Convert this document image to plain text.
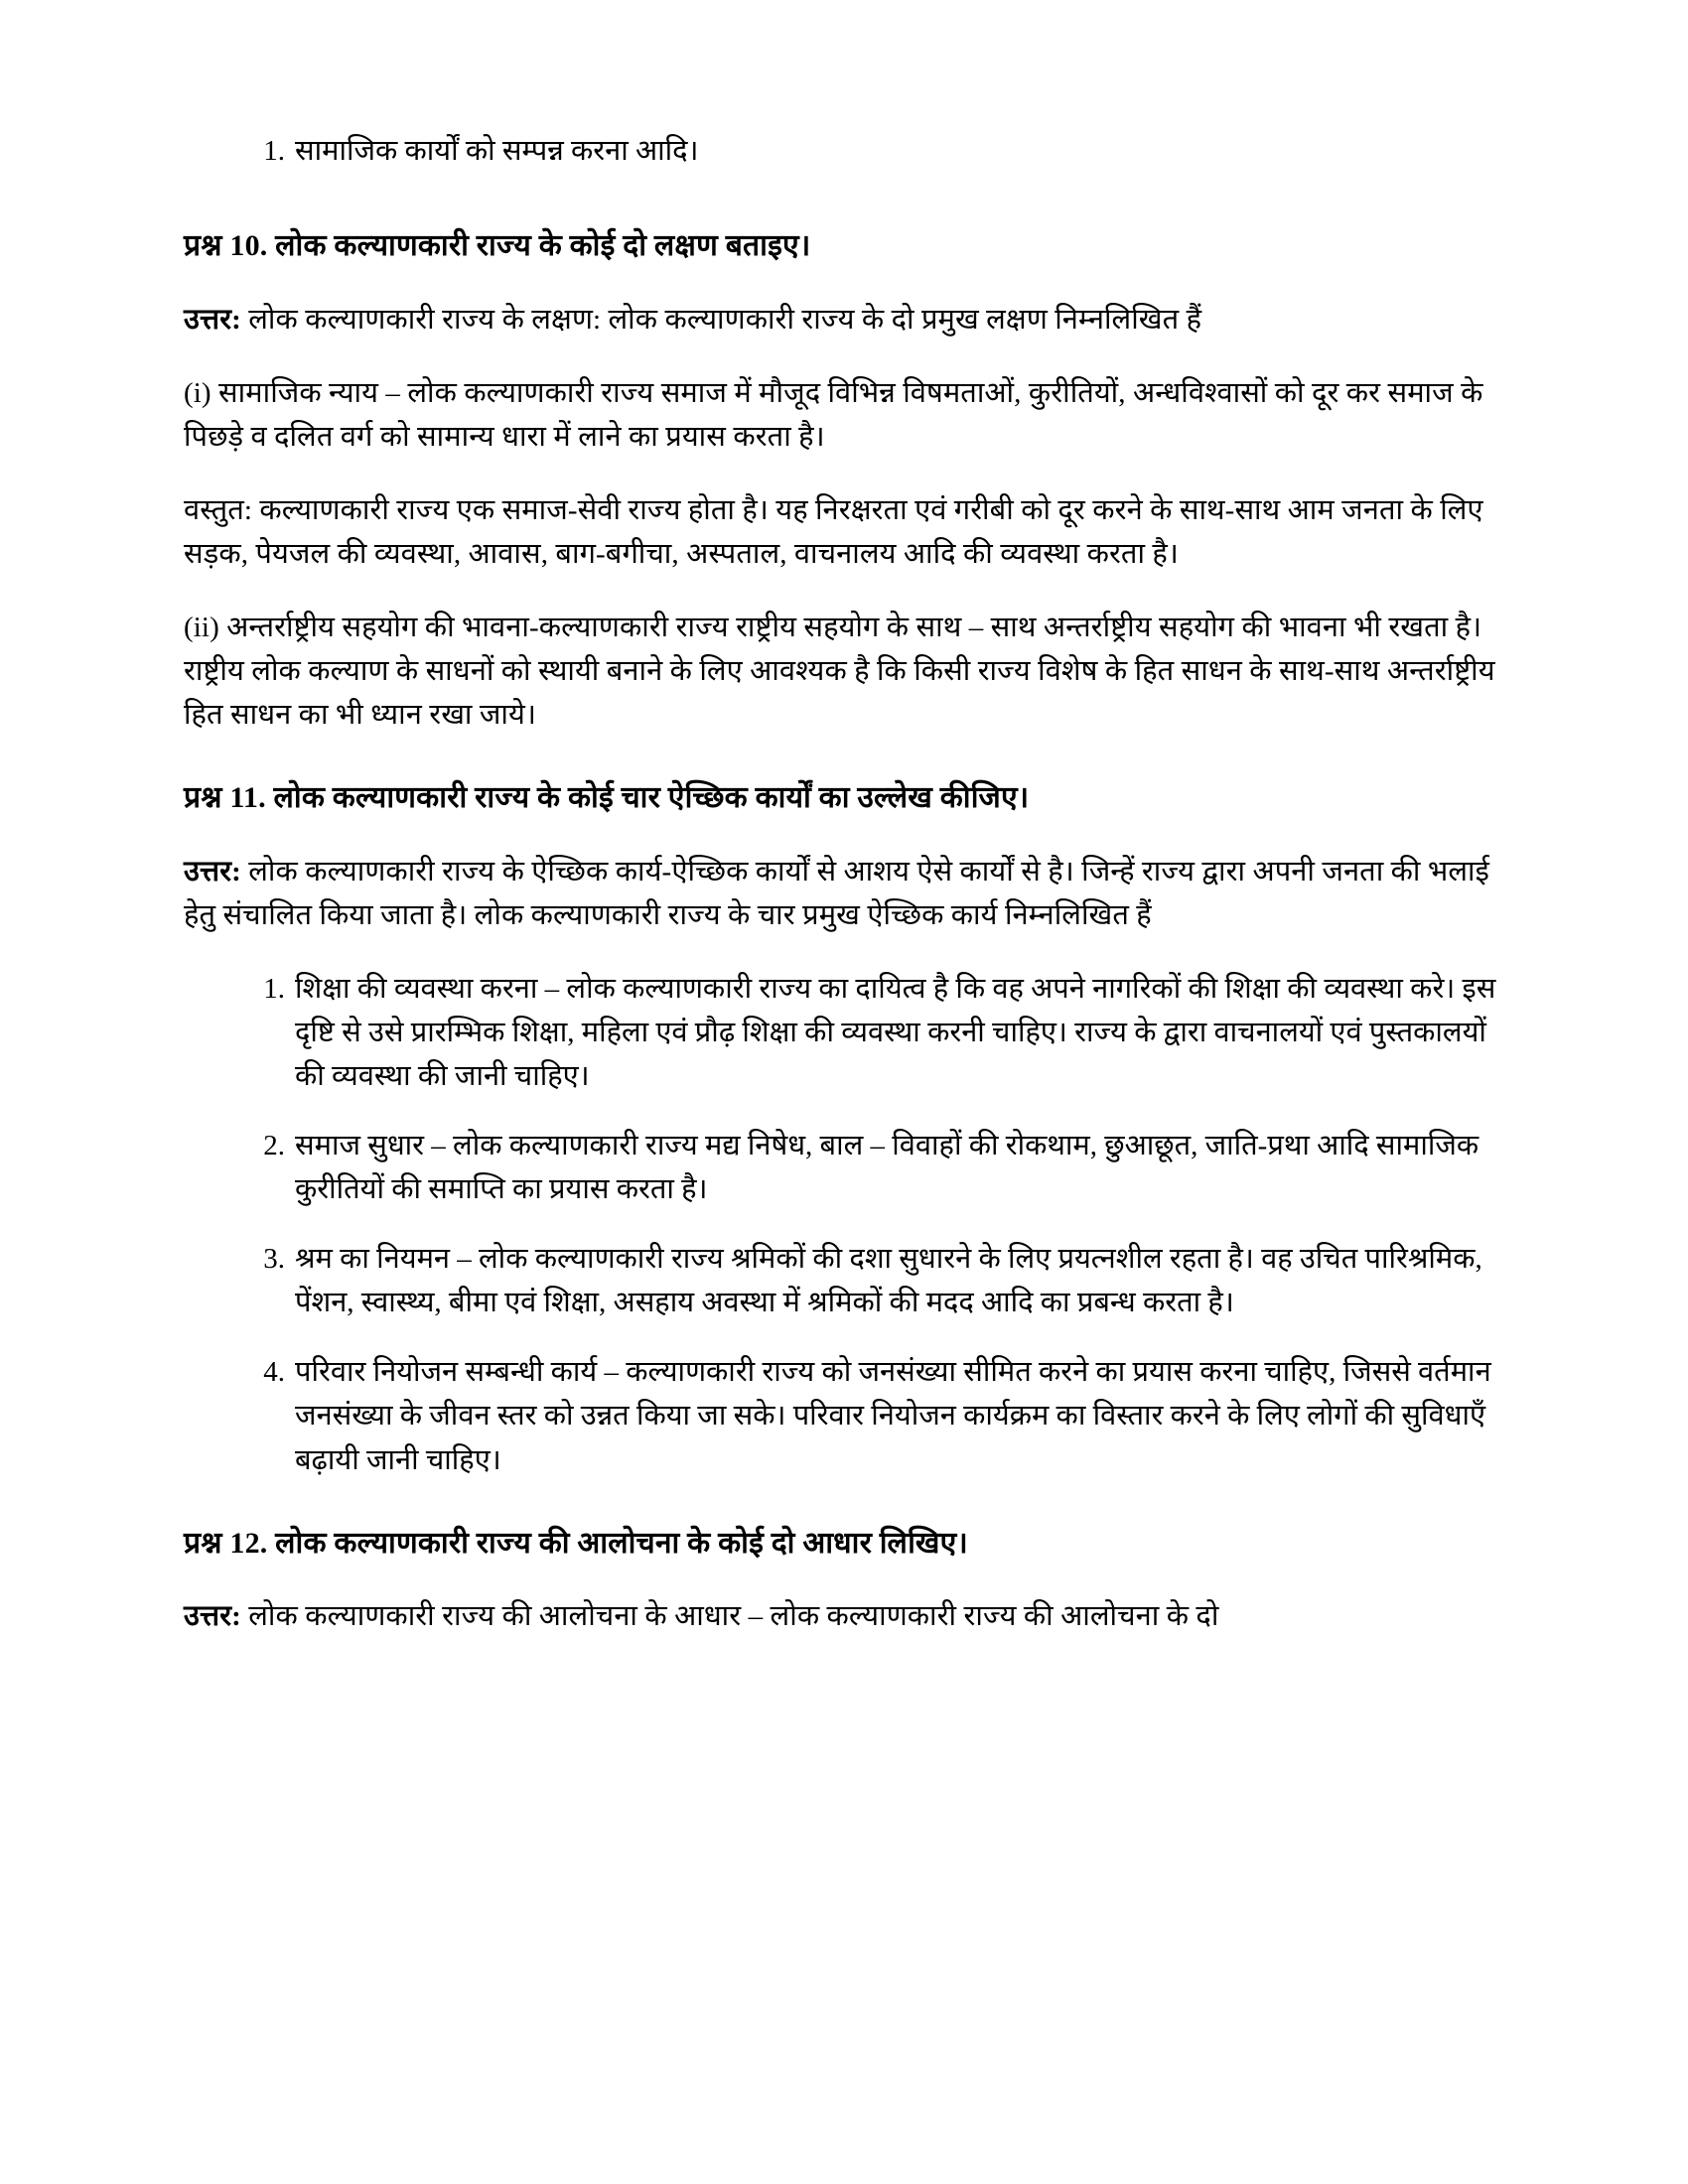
सामाजिक कार्यों को सम्पन्न करना आदि।
प्रश्न 10. लोक कल्याणकारी राज्य के कोई दो लक्षण बताइए।

उत्तर: लोक कल्याणकारी राज्य के लक्षण: लोक कल्याणकारी राज्य के दो प्रमुख लक्षण निम्नलिखित हैं

(i) सामाजिक न्याय – लोक कल्याणकारी राज्य समाज में मौजूद विभिन्न विषमताओं, कुरीतियों, अन्धविश्वासों को दूर कर समाज के पिछड़े व दलित वर्ग को सामान्य धारा में लाने का प्रयास करता है।

वस्तुत: कल्याणकारी राज्य एक समाज-सेवी राज्य होता है। यह निरक्षरता एवं गरीबी को दूर करने के साथ-साथ आम जनता के लिए सड़क, पेयजल की व्यवस्था, आवास, बाग-बगीचा, अस्पताल, वाचनालय आदि की व्यवस्था करता है।

(ii) अन्तर्राष्ट्रीय सहयोग की भावना-कल्याणकारी राज्य राष्ट्रीय सहयोग के साथ – साथ अन्तर्राष्ट्रीय सहयोग की भावना भी रखता है। राष्ट्रीय लोक कल्याण के साधनों को स्थायी बनाने के लिए आवश्यक है कि किसी राज्य विशेष के हित साधन के साथ-साथ अन्तर्राष्ट्रीय हित साधन का भी ध्यान रखा जाये।

प्रश्न 11. लोक कल्याणकारी राज्य के कोई चार ऐच्छिक कार्यों का उल्लेख कीजिए।

उत्तर: लोक कल्याणकारी राज्य के ऐच्छिक कार्य-ऐच्छिक कार्यों से आशय ऐसे कार्यों से है। जिन्हें राज्य द्वारा अपनी जनता की भलाई हेतु संचालित किया जाता है। लोक कल्याणकारी राज्य के चार प्रमुख ऐच्छिक कार्य निम्नलिखित हैं

शिक्षा की व्यवस्था करना – लोक कल्याणकारी राज्य का दायित्व है कि वह अपने नागरिकों की शिक्षा की व्यवस्था करे। इस दृष्टि से उसे प्रारम्भिक शिक्षा, महिला एवं प्रौढ़ शिक्षा की व्यवस्था करनी चाहिए। राज्य के द्वारा वाचनालयों एवं पुस्तकालयों की व्यवस्था की जानी चाहिए।
समाज सुधार – लोक कल्याणकारी राज्य मद्य निषेध, बाल – विवाहों की रोकथाम, छुआछूत, जाति-प्रथा आदि सामाजिक कुरीतियों की समाप्ति का प्रयास करता है।
श्रम का नियमन – लोक कल्याणकारी राज्य श्रमिकों की दशा सुधारने के लिए प्रयत्नशील रहता है। वह उचित पारिश्रमिक, पेंशन, स्वास्थ्य, बीमा एवं शिक्षा, असहाय अवस्था में श्रमिकों की मदद आदि का प्रबन्ध करता है।
परिवार नियोजन सम्बन्धी कार्य – कल्याणकारी राज्य को जनसंख्या सीमित करने का प्रयास करना चाहिए, जिससे वर्तमान जनसंख्या के जीवन स्तर को उन्नत किया जा सके। परिवार नियोजन कार्यक्रम का विस्तार करने के लिए लोगों की सुविधाएँ बढ़ायी जानी चाहिए।
प्रश्न 12. लोक कल्याणकारी राज्य की आलोचना के कोई दो आधार लिखिए।

उत्तर: लोक कल्याणकारी राज्य की आलोचना के आधार – लोक कल्याणकारी राज्य की आलोचना के दो
